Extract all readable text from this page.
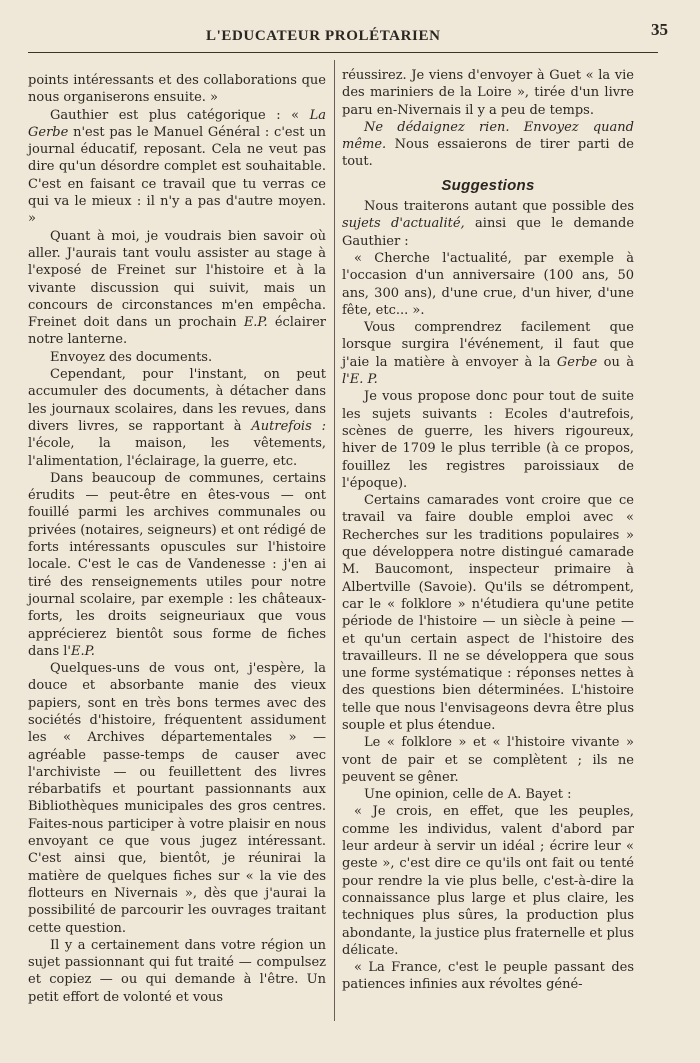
L'EDUCATEUR PROLÉTARIEN	35

points intéressants et des collaborations que nous organiserons ensuite. »

Gauthier est plus catégorique : « La Gerbe n'est pas le Manuel Général : c'est un journal éducatif, reposant. Cela ne veut pas dire qu'un désordre complet est souhaitable. C'est en faisant ce travail que tu verras ce qui va le mieux : il n'y a pas d'autre moyen. »

Quant à moi, je voudrais bien savoir où aller. J'aurais tant voulu assister au stage à l'exposé de Freinet sur l'histoire et à la vivante discussion qui suivit, mais un concours de circonstances m'en empêcha. Freinet doit dans un prochain E.P. éclairer notre lanterne.

Envoyez des documents.

Cependant, pour l'instant, on peut accumuler des documents, à détacher dans les journaux scolaires, dans les revues, dans divers livres, se rapportant à Autrefois : l'école, la maison, les vêtements, l'alimentation, l'éclairage, la guerre, etc.

Dans beaucoup de communes, certains érudits — peut-être en êtes-vous — ont fouillé parmi les archives communales ou privées (notaires, seigneurs) et ont rédigé de forts intéressants opuscules sur l'histoire locale. C'est le cas de Vandenesse : j'en ai tiré des renseignements utiles pour notre journal scolaire, par exemple : les châteaux-forts, les droits seigneuriaux que vous apprécierez bientôt sous forme de fiches dans l'E.P.

Quelques-uns de vous ont, j'espère, la douce et absorbante manie des vieux papiers, sont en très bons termes avec des sociétés d'histoire, fréquentent assidument les « Archives départementales » — agréable passe-temps de causer avec l'archiviste — ou feuillettent des livres rébarbatifs et pourtant passionnants aux Bibliothèques municipales des gros centres. Faites-nous participer à votre plaisir en nous envoyant ce que vous jugez intéressant. C'est ainsi que, bientôt, je réunirai la matière de quelques fiches sur « la vie des flotteurs en Nivernais », dès que j'aurai la possibilité de parcourir les ouvrages traitant cette question.

Il y a certainement dans votre région un sujet passionnant qui fut traité — compulsez et copiez — ou qui demande à l'être. Un petit effort de volonté et vous

réussirez. Je viens d'envoyer à Guet « la vie des mariniers de la Loire », tirée d'un livre paru en-Nivernais il y a peu de temps.

Ne dédaignez rien. Envoyez quand même. Nous essaierons de tirer parti de tout.

Suggestions

Nous traiterons autant que possible des sujets d'actualité, ainsi que le demande Gauthier :

« Cherche l'actualité, par exemple à l'occasion d'un anniversaire (100 ans, 50 ans, 300 ans), d'une crue, d'un hiver, d'une fête, etc... ».

Vous comprendrez facilement que lorsque surgira l'événement, il faut que j'aie la matière à envoyer à la Gerbe ou à l'E. P.

Je vous propose donc pour tout de suite les sujets suivants : Ecoles d'autrefois, scènes de guerre, les hivers rigoureux, hiver de 1709 le plus terrible (à ce propos, fouillez les registres paroissiaux de l'époque).

Certains camarades vont croire que ce travail va faire double emploi avec « Recherches sur les traditions populaires » que développera notre distingué camarade M. Baucomont, inspecteur primaire à Albertville (Savoie). Qu'ils se détrompent, car le « folklore » n'étudiera qu'une petite période de l'histoire — un siècle à peine — et qu'un certain aspect de l'histoire des travailleurs. Il ne se développera que sous une forme systématique : réponses nettes à des questions bien déterminées. L'histoire telle que nous l'envisageons devra être plus souple et plus étendue.

Le « folklore » et « l'histoire vivante » vont de pair et se complètent ; ils ne peuvent se gêner.

Une opinion, celle de A. Bayet :

« Je crois, en effet, que les peuples, comme les individus, valent d'abord par leur ardeur à servir un idéal ; écrire leur « geste », c'est dire ce qu'ils ont fait ou tenté pour rendre la vie plus belle, c'est-à-dire la connaissance plus large et plus claire, les techniques plus sûres, la production plus abondante, la justice plus fraternelle et plus délicate.

« La France, c'est le peuple passant des patiences infinies aux révoltes géné-
